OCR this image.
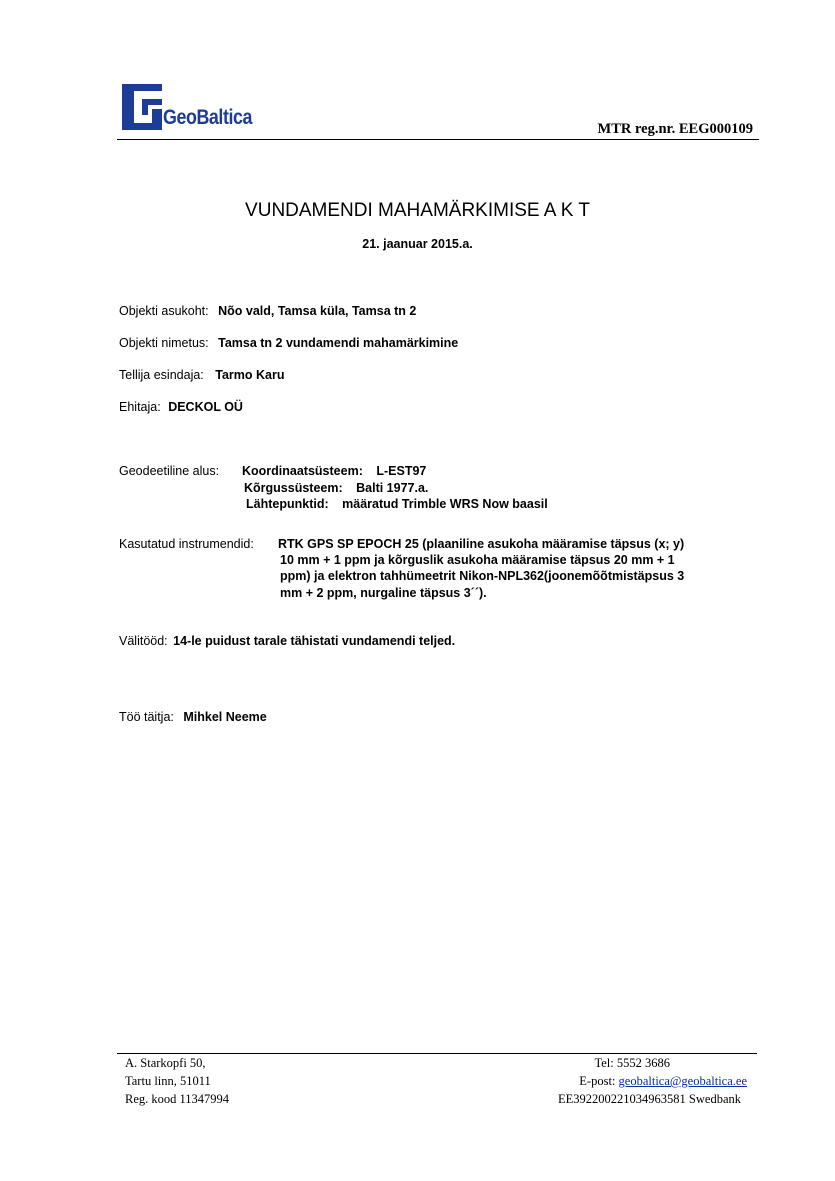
GeoBaltica	MTR reg.nr. EEG000109
VUNDAMENDI MAHAMÄRKIMISE A K T
21. jaanuar 2015.a.
Objekti asukoht: Nõo vald, Tamsa küla, Tamsa tn 2
Objekti nimetus: Tamsa tn 2 vundamendi mahamärkimine
Tellija esindaja: Tarmo Karu
Ehitaja: DECKOL OÜ
Geodeetiline alus: Koordinaatsüsteem: L-EST97
Kõrgussüsteem: Balti 1977.a.
Lähtepunktid: määratud Trimble WRS Now baasil
Kasutatud instrumendid: RTK GPS SP EPOCH 25 (plaaniline asukoha määramise täpsus (x; y)
10 mm + 1 ppm ja kõrguslik asukoha määramise täpsus 20 mm + 1
ppm) ja elektron tahhümeetrit Nikon-NPL362(joonemõõtmistäpsus 3
mm + 2 ppm, nurgaline täpsus 3´´).
Välitööd: 14-le puidust tarale tähistati vundamendi teljed.
Töö täitja: Mihkel Neeme
A. Starkopfi 50,
Tartu linn, 51011
Reg. kood 11347994
Tel: 5552 3686
E-post: geobaltica@geobaltica.ee
EE392200221034963581 Swedbank
